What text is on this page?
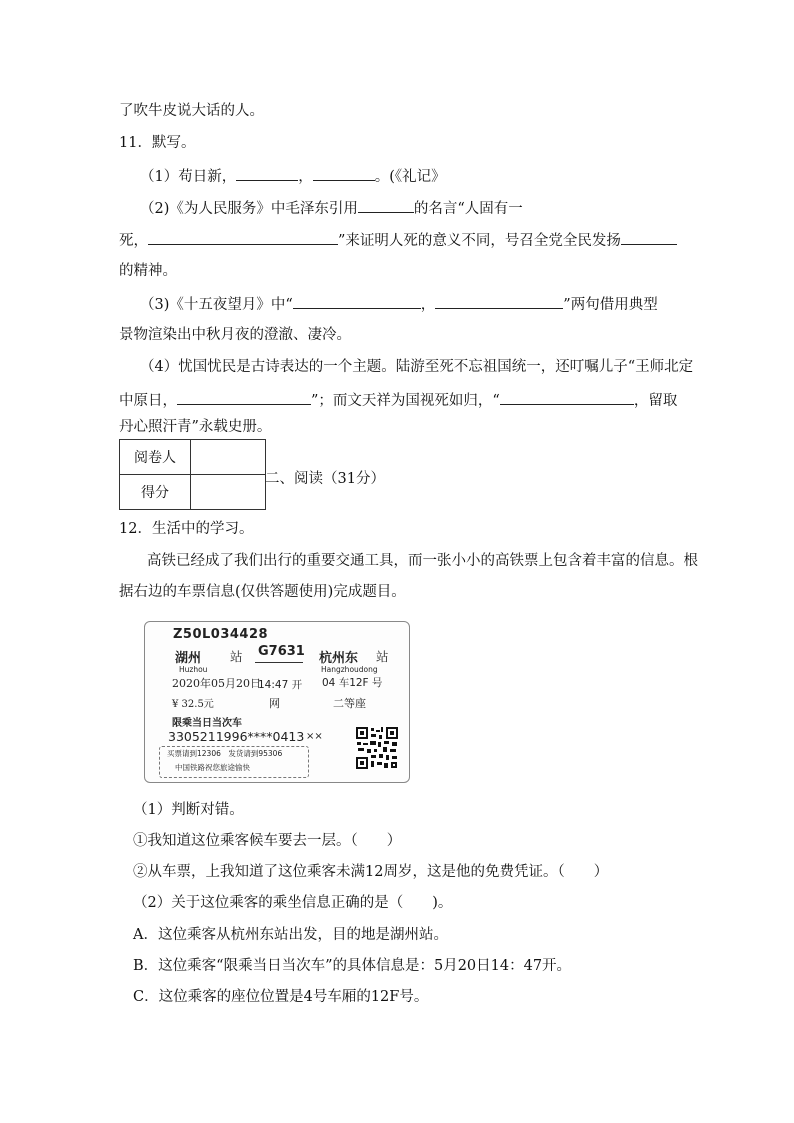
了吹牛皮说大话的人。
11．默写。
（1）苟日新，	，	。(《礼记》
（2)《为人民服务》中毛泽东引用	的名言“人固有一
死，	”来证明人死的意义不同，号召全党全民发扬
的精神。
（3)《十五夜望月》中“	，	”两句借用典型
景物渲染出中秋月夜的澄澈、凄冷。
（4）忧国忧民是古诗表达的一个主题。陆游至死不忘祖国统一，还叮嘱儿子“王师北定
中原日，	”；而文天祥为国视死如归，“	，留取
丹心照汗青”永载史册。
阅卷人	
得分	
二、阅读（31分）
12．生活中的学习。
高铁已经成了我们出行的重要交通工具，而一张小小的高铁票上包含着丰富的信息。根
据右边的车票信息(仅供答题使用)完成题目。
Z50L034428
湖州 站 G7631 杭州东 站
Huzhou	Hangzhoudong
2020年05月20日
14:47 开 04 车12F 号
¥ 32.5元	网	二等座
限乘当日当次车
3305211996****0413 ××
买票请到12306　发货请到95306
中国铁路祝您旅途愉快
（1）判断对错。
①我知道这位乘客候车要去一层。（　　）
②从车票，上我知道了这位乘客未满12周岁，这是他的免费凭证。（　　）
（2）关于这位乘客的乘坐信息正确的是（　　)。
A．这位乘客从杭州东站出发，目的地是湖州站。
B．这位乘客“限乘当日当次车”的具体信息是：5月20日14：47开。
C．这位乘客的座位位置是4号车厢的12F号。
